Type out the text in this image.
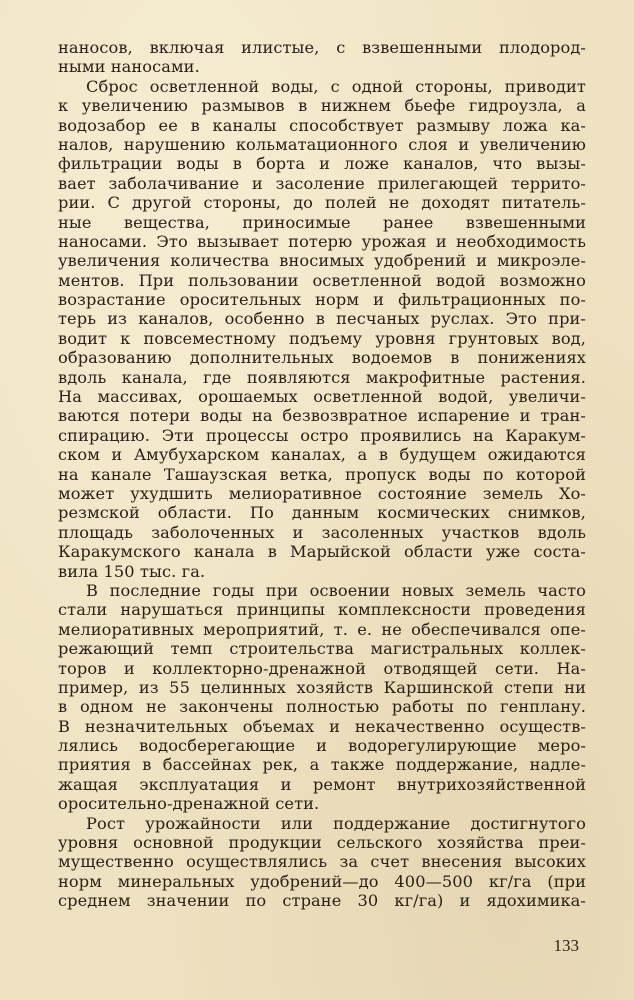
наносов, включая илистые, с взвешенными плодород-
ными наносами.
Сброс осветленной воды, с одной стороны, приводит
к увеличению размывов в нижнем бьефе гидроузла, а
водозабор ее в каналы способствует размыву ложа ка-
налов, нарушению кольматационного слоя и увеличению
фильтрации воды в борта и ложе каналов, что вызы-
вает заболачивание и засоление прилегающей террито-
рии. С другой стороны, до полей не доходят питатель-
ные вещества, приносимые ранее взвешенными
наносами. Это вызывает потерю урожая и необходимость
увеличения количества вносимых удобрений и микроэле-
ментов. При пользовании осветленной водой возможно
возрастание оросительных норм и фильтрационных по-
терь из каналов, особенно в песчаных руслах. Это при-
водит к повсеместному подъему уровня грунтовых вод,
образованию дополнительных водоемов в понижениях
вдоль канала, где появляются макрофитные растения.
На массивах, орошаемых осветленной водой, увеличи-
ваются потери воды на безвозвратное испарение и тран-
спирацию. Эти процессы остро проявились на Каракум-
ском и Амубухарском каналах, а в будущем ожидаются
на канале Ташаузская ветка, пропуск воды по которой
может ухудшить мелиоративное состояние земель Хо-
резмской области. По данным космических снимков,
площадь заболоченных и засоленных участков вдоль
Каракумского канала в Марыйской области уже соста-
вила 150 тыс. га.
В последние годы при освоении новых земель часто
стали нарушаться принципы комплексности проведения
мелиоративных мероприятий, т. е. не обеспечивался опе-
режающий темп строительства магистральных коллек-
торов и коллекторно-дренажной отводящей сети. На-
пример, из 55 целинных хозяйств Каршинской степи ни
в одном не закончены полностью работы по генплану.
В незначительных объемах и некачественно осуществ-
лялись водосберегающие и водорегулирующие меро-
приятия в бассейнах рек, а также поддержание, надле-
жащая эксплуатация и ремонт внутрихозяйственной
оросительно-дренажной сети.
Рост урожайности или поддержание достигнутого
уровня основной продукции сельского хозяйства преи-
мущественно осуществлялись за счет внесения высоких
норм минеральных удобрений—до 400—500 кг/га (при
среднем значении по стране 30 кг/га) и ядохимика-
133
